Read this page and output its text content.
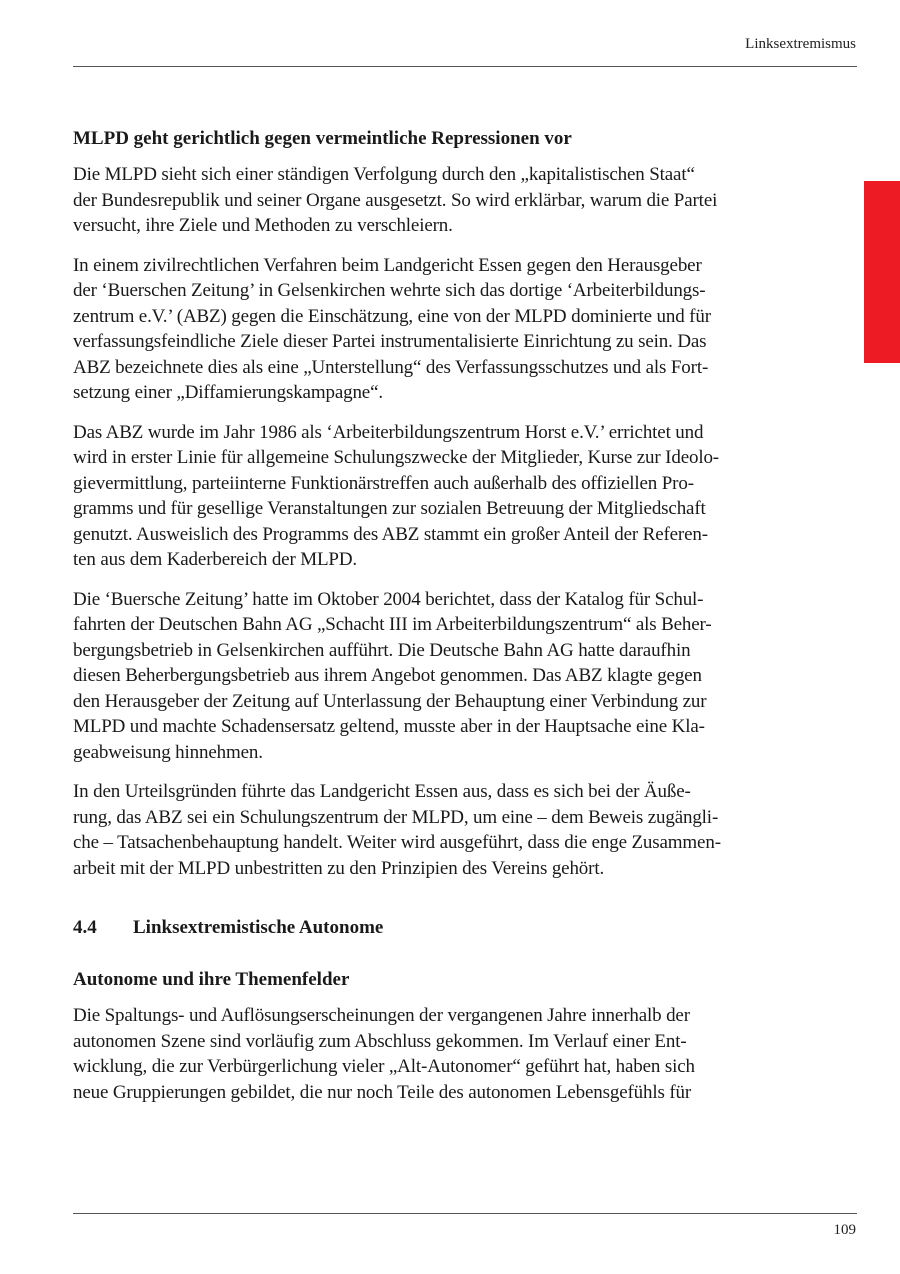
Linksextremismus
MLPD geht gerichtlich gegen vermeintliche Repressionen vor

Die MLPD sieht sich einer ständigen Verfolgung durch den „kapitalistischen Staat“
der Bundesrepublik und seiner Organe ausgesetzt. So wird erklärbar, warum die Partei
versucht, ihre Ziele und Methoden zu verschleiern.

In einem zivilrechtlichen Verfahren beim Landgericht Essen gegen den Herausgeber
der ‘Buerschen Zeitung’ in Gelsenkirchen wehrte sich das dortige ‘Arbeiterbildungs-
zentrum e.V.’ (ABZ) gegen die Einschätzung, eine von der MLPD dominierte und für
verfassungsfeindliche Ziele dieser Partei instrumentalisierte Einrichtung zu sein. Das
ABZ bezeichnete dies als eine „Unterstellung“ des Verfassungsschutzes und als Fort-
setzung einer „Diffamierungskampagne“.

Das ABZ wurde im Jahr 1986 als ‘Arbeiterbildungszentrum Horst e.V.’ errichtet und
wird in erster Linie für allgemeine Schulungszwecke der Mitglieder, Kurse zur Ideolo-
gievermittlung, parteiinterne Funktionärstreffen auch außerhalb des offiziellen Pro-
gramms und für gesellige Veranstaltungen zur sozialen Betreuung der Mitgliedschaft
genutzt. Ausweislich des Programms des ABZ stammt ein großer Anteil der Referen-
ten aus dem Kaderbereich der MLPD.

Die ‘Buersche Zeitung’ hatte im Oktober 2004 berichtet, dass der Katalog für Schul-
fahrten der Deutschen Bahn AG „Schacht III im Arbeiterbildungszentrum“ als Beher-
bergungsbetrieb in Gelsenkirchen aufführt. Die Deutsche Bahn AG hatte daraufhin
diesen Beherbergungsbetrieb aus ihrem Angebot genommen. Das ABZ klagte gegen
den Herausgeber der Zeitung auf Unterlassung der Behauptung einer Verbindung zur
MLPD und machte Schadensersatz geltend, musste aber in der Hauptsache eine Kla-
geabweisung hinnehmen.

In den Urteilsgründen führte das Landgericht Essen aus, dass es sich bei der Äuße-
rung, das ABZ sei ein Schulungszentrum der MLPD, um eine – dem Beweis zugängli-
che – Tatsachenbehauptung handelt. Weiter wird ausgeführt, dass die enge Zusammen-
arbeit mit der MLPD unbestritten zu den Prinzipien des Vereins gehört.

4.4	Linksextremistische Autonome
Autonome und ihre Themenfelder

Die Spaltungs- und Auflösungserscheinungen der vergangenen Jahre innerhalb der
autonomen Szene sind vorläufig zum Abschluss gekommen. Im Verlauf einer Ent-
wicklung, die zur Verbürgerlichung vieler „Alt-Autonomer“ geführt hat, haben sich
neue Gruppierungen gebildet, die nur noch Teile des autonomen Lebensgefühls für

109
